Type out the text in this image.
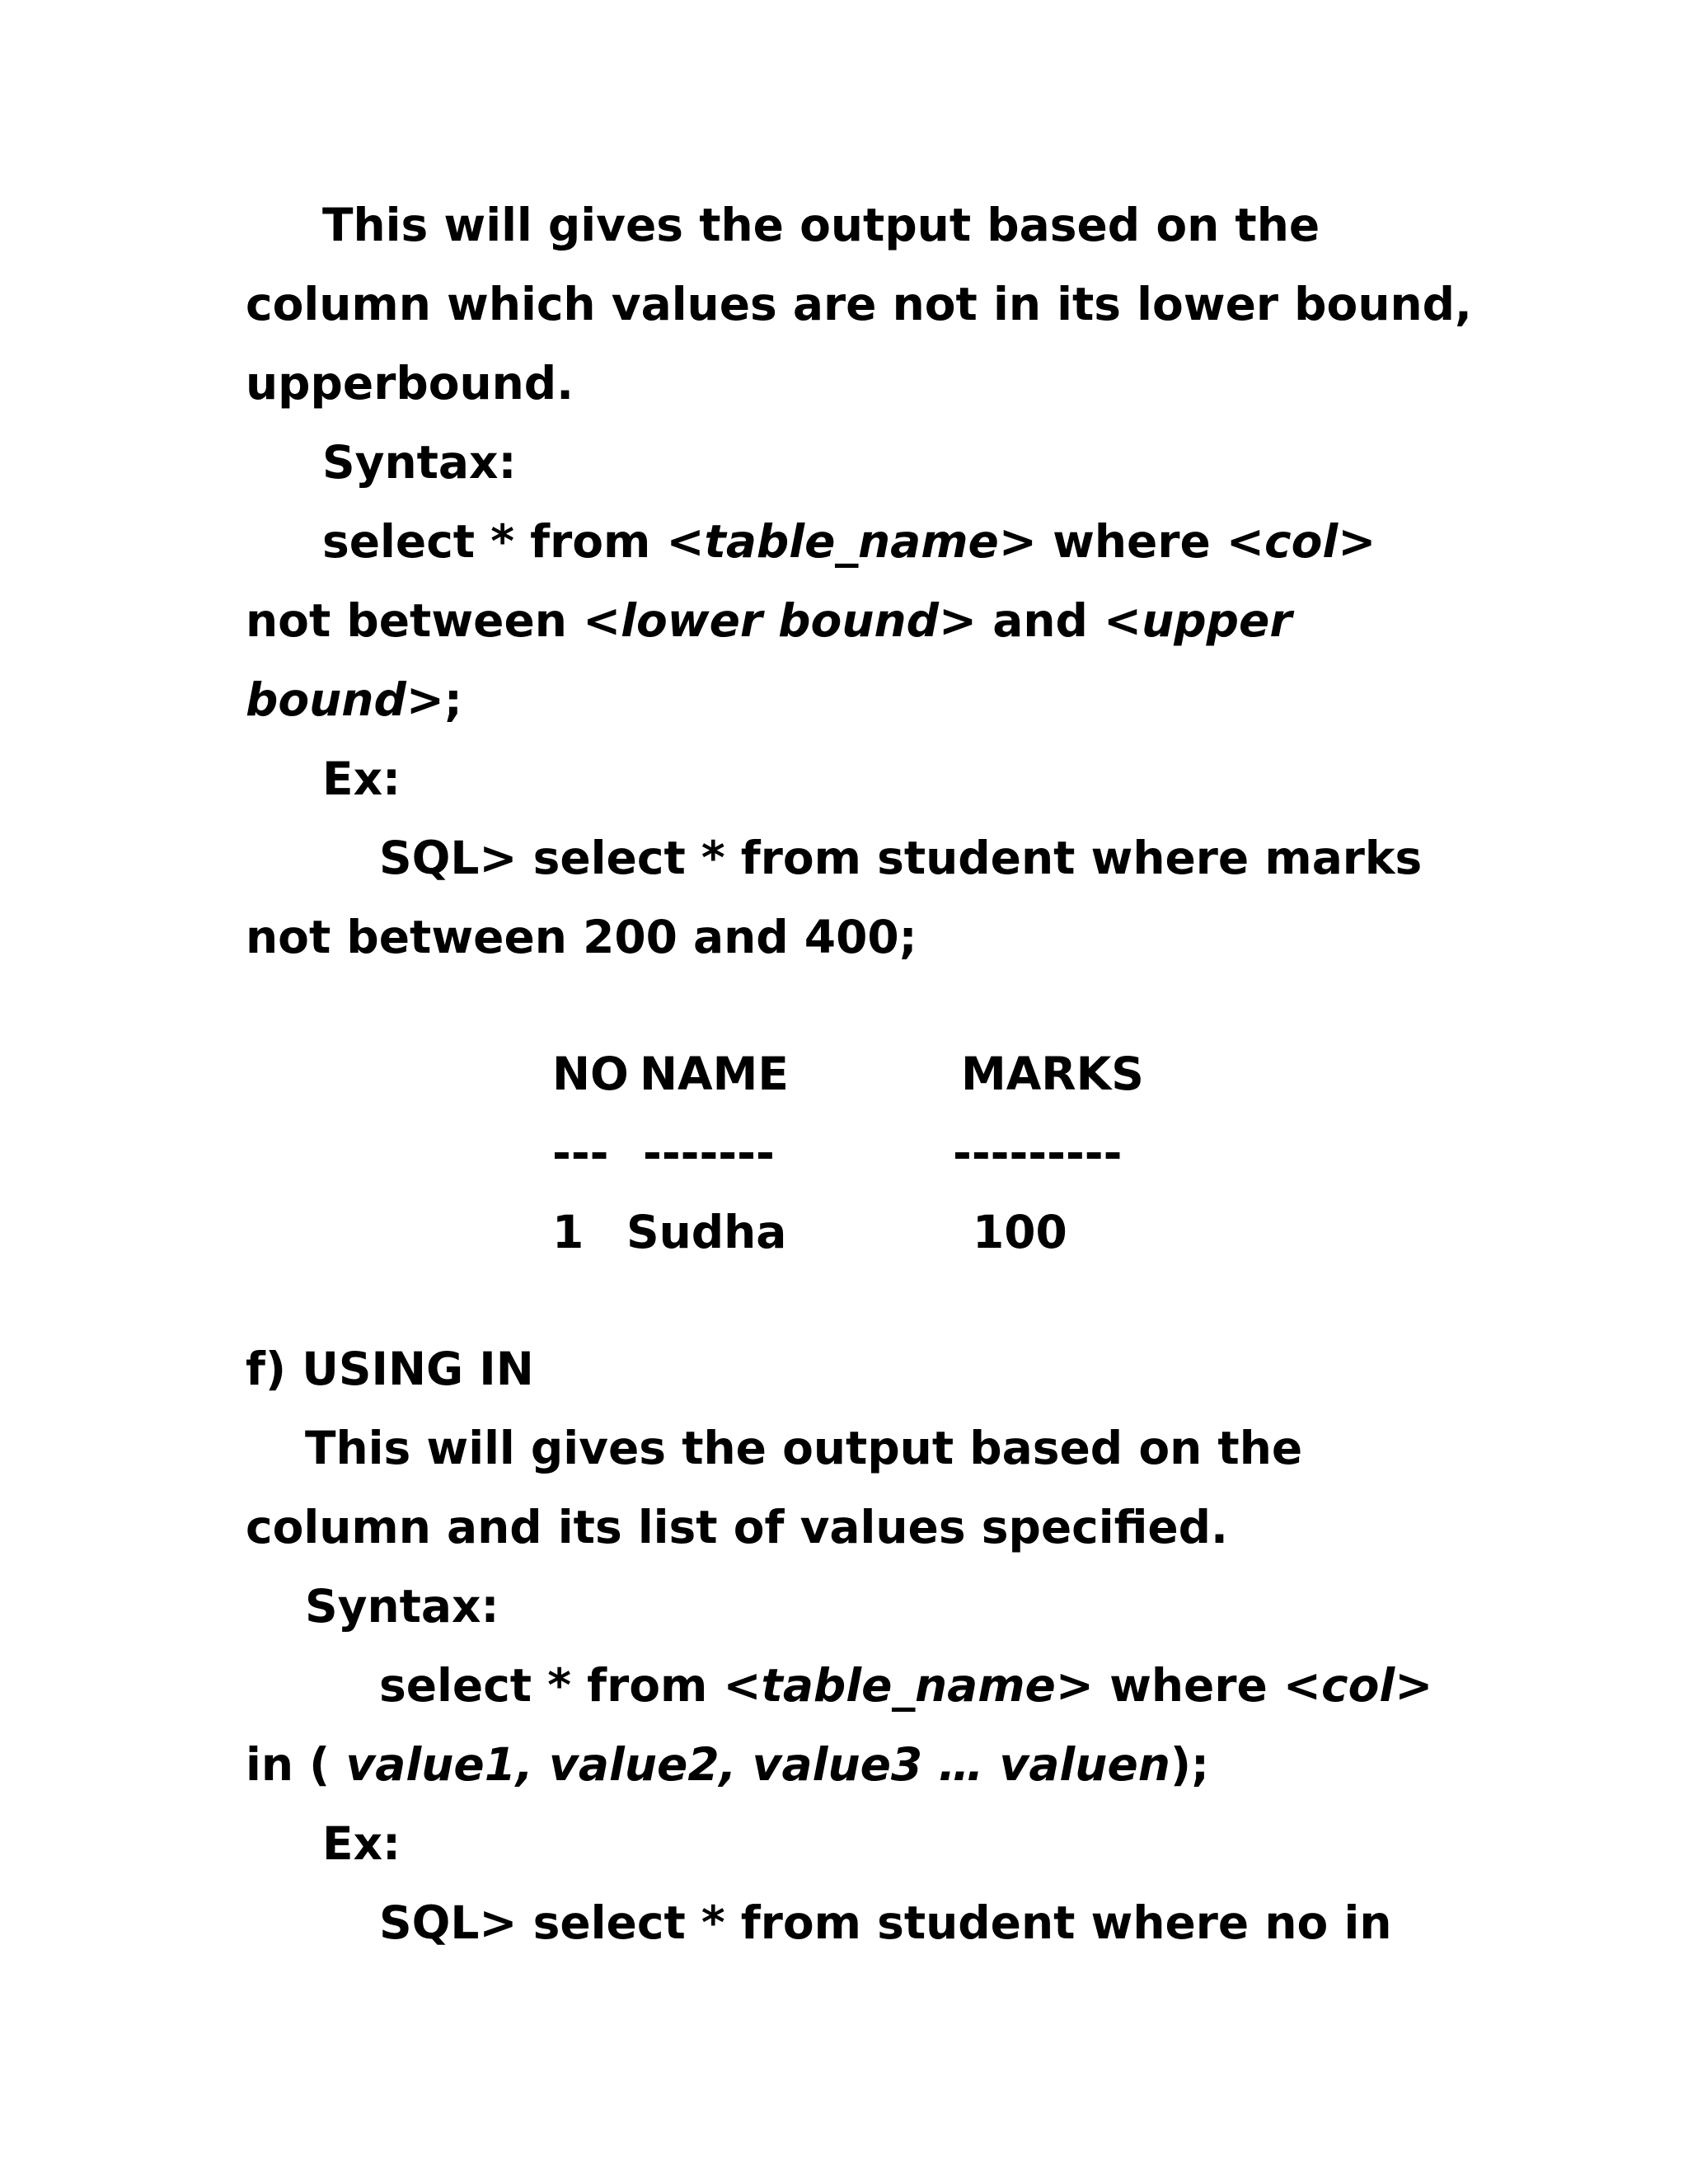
This will gives the output based on the
column which values are not in its lower bound,
upperbound.
Syntax:
select * from <table_name> where <col>
not between <lower bound> and <upper
bound>;
Ex:
SQL> select * from student where marks
not between 200 and 400;
NO NAME	MARKS
--- -------	---------
1 Sudha	100
f) USING IN
This will gives the output based on the
column and its list of values specified.
Syntax:
select * from <table_name> where <col>
in ( value1, value2, value3 … valuen);
Ex:
SQL> select * from student where no in
